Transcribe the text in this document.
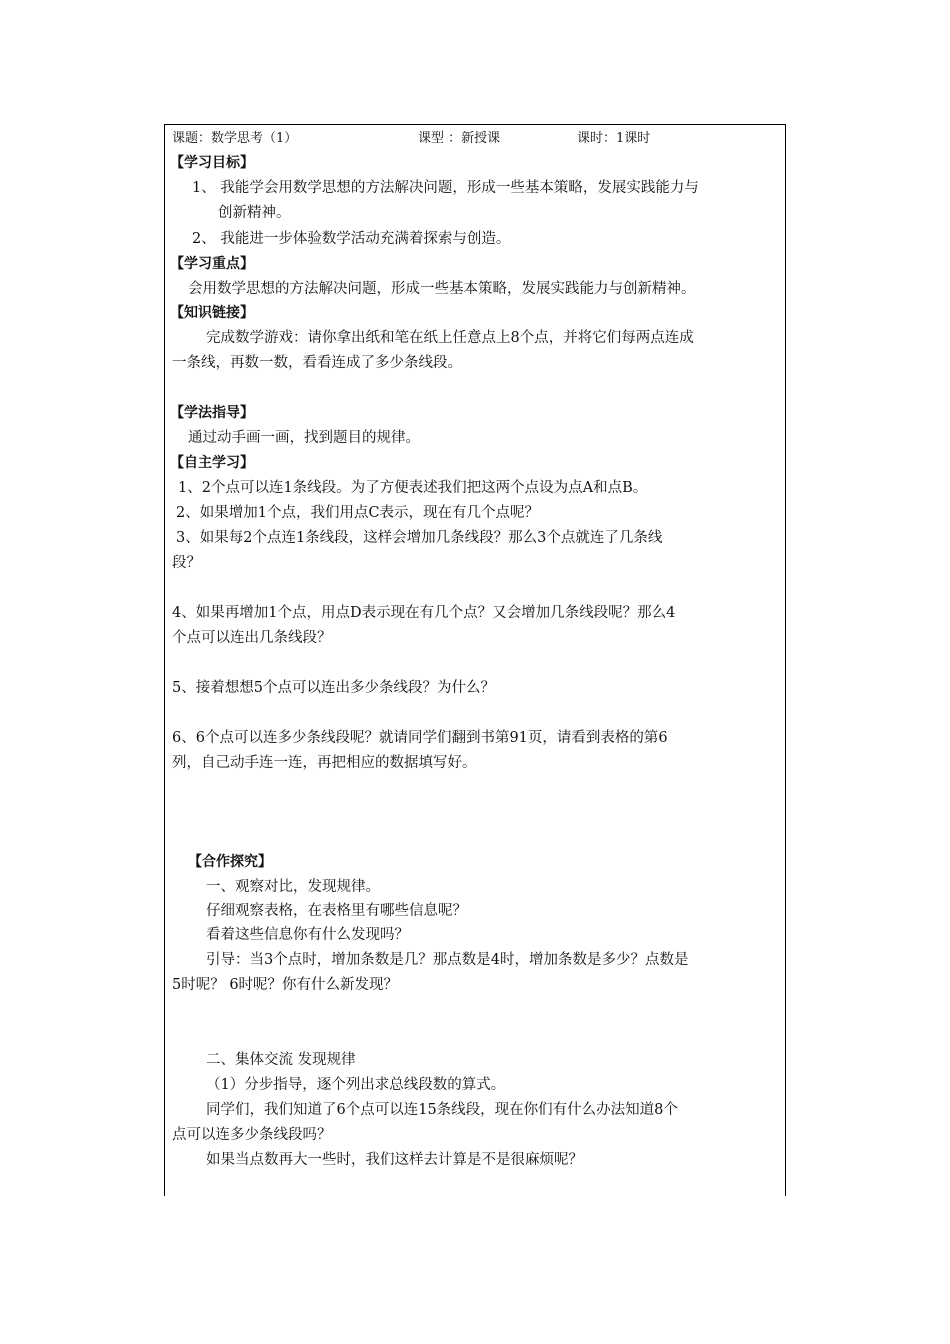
课题：数学思考（1）	课型 ：新授课	课时：1课时
【学习目标】
1、 我能学会用数学思想的方法解决问题，形成一些基本策略，发展实践能力与
创新精神。
2、 我能进一步体验数学活动充满着探索与创造。
【学习重点】
会用数学思想的方法解决问题，形成一些基本策略，发展实践能力与创新精神。
【知识链接】
完成数学游戏：请你拿出纸和笔在纸上任意点上8个点，并将它们每两点连成
一条线，再数一数，看看连成了多少条线段。
【学法指导】
通过动手画一画，找到题目的规律。
【自主学习】
1、2个点可以连1条线段。为了方便表述我们把这两个点设为点A和点B。
2、如果增加1个点，我们用点C表示，现在有几个点呢？
3、如果每2个点连1条线段，这样会增加几条线段？那么3个点就连了几条线
段？
4、如果再增加1个点，用点D表示现在有几个点？又会增加几条线段呢？那么4
个点可以连出几条线段？
5、接着想想5个点可以连出多少条线段？为什么？
6、6个点可以连多少条线段呢？就请同学们翻到书第91页，请看到表格的第6
列，自己动手连一连，再把相应的数据填写好。
【合作探究】
一、观察对比，发现规律。
仔细观察表格，在表格里有哪些信息呢？
看着这些信息你有什么发现吗？
引导：当3个点时，增加条数是几？那点数是4时，增加条数是多少？点数是
5时呢？ 6时呢？你有什么新发现？
二、集体交流 发现规律
（1）分步指导，逐个列出求总线段数的算式。
同学们，我们知道了6个点可以连15条线段，现在你们有什么办法知道8个
点可以连多少条线段吗？
如果当点数再大一些时，我们这样去计算是不是很麻烦呢？
